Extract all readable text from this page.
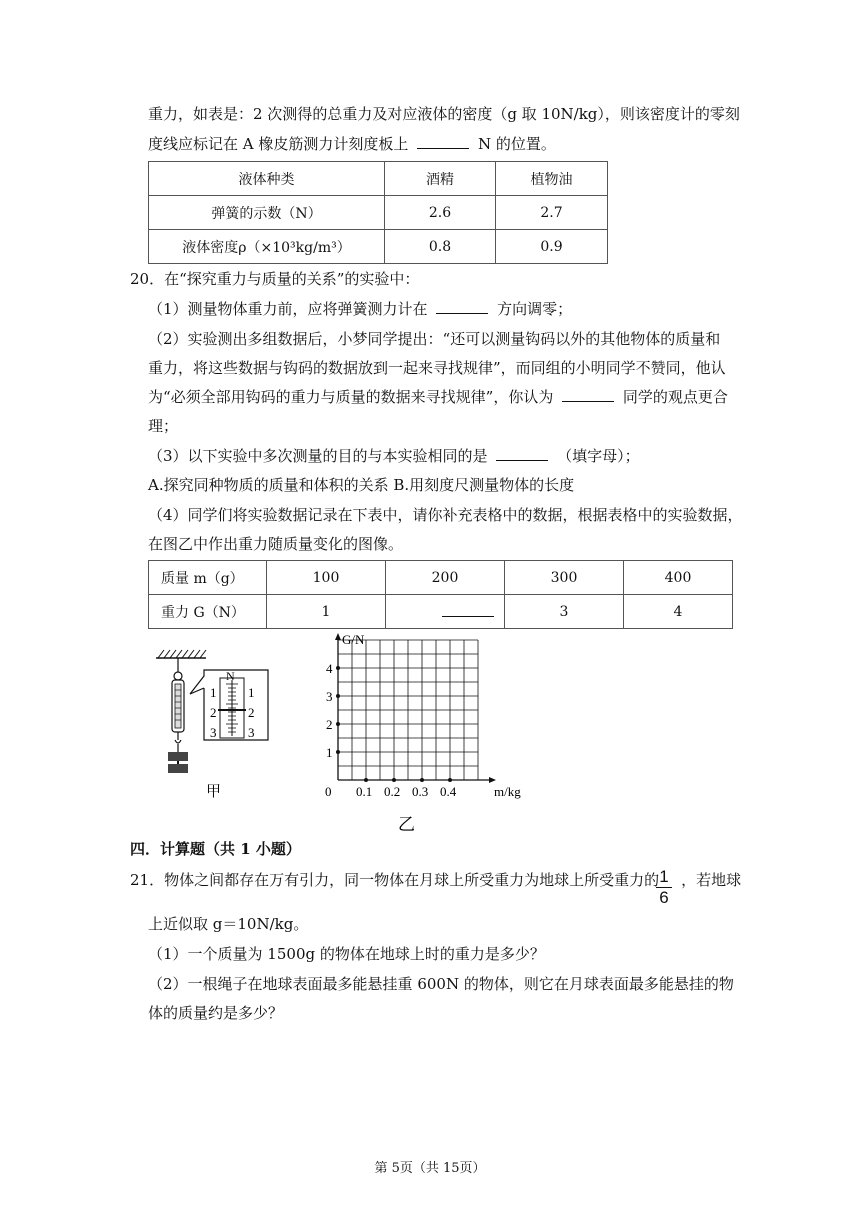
重力，如表是：2 次测得的总重力及对应液体的密度（g 取 10N/kg），则该密度计的零刻
度线应标记在 A 橡皮筋测力计刻度板上	N 的位置。
液体种类	酒精	植物油
弹簧的示数（N）	2.6	2.7
液体密度ρ（×10³kg/m³）	0.8	0.9
20．在“探究重力与质量的关系”的实验中：
（1）测量物体重力前，应将弹簧测力计在	方向调零；
（2）实验测出多组数据后，小梦同学提出：“还可以测量钩码以外的其他物体的质量和
重力，将这些数据与钩码的数据放到一起来寻找规律”，而同组的小明同学不赞同，他认
为“必须全部用钩码的重力与质量的数据来寻找规律”，你认为	同学的观点更合
理；
（3）以下实验中多次测量的目的与本实验相同的是	（填字母）；
A.探究同种物质的质量和体积的关系 B.用刻度尺测量物体的长度
（4）同学们将实验数据记录在下表中，请你补充表格中的数据，根据表格中的实验数据，
在图乙中作出重力随质量变化的图像。
质量 m（g）	100	200	300	400
重力 G（N）	1		3	4
N
1 1
2 2
3 3
甲
G/N
m/kg
0
1
2
3
4
0.1 0.2 0.3 0.4
乙
四．计算题（共 1 小题）
21．物体之间都存在万有引力，同一物体在月球上所受重力为地球上所受重力的 ，若地球
1
6
上近似取 g＝10N/kg。
（1）一个质量为 1500g 的物体在地球上时的重力是多少？
（2）一根绳子在地球表面最多能悬挂重 600N 的物体，则它在月球表面最多能悬挂的物
体的质量约是多少？
第 5页（共 15页）
